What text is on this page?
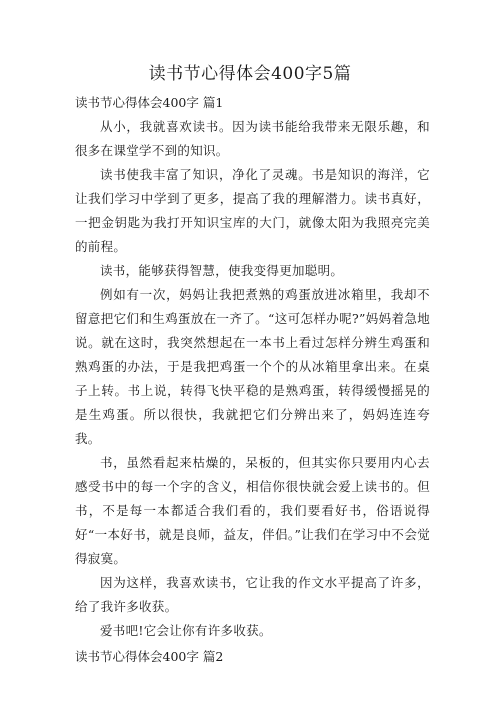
读书节心得体会400字5篇
读书节心得体会400字 篇1

从小，我就喜欢读书。因为读书能给我带来无限乐趣，和很多在课堂学不到的知识。

读书使我丰富了知识，净化了灵魂。书是知识的海洋，它让我们学习中学到了更多，提高了我的理解潜力。读书真好，一把金钥匙为我打开知识宝库的大门，就像太阳为我照亮完美的前程。

读书，能够获得智慧，使我变得更加聪明。

例如有一次，妈妈让我把煮熟的鸡蛋放进冰箱里，我却不留意把它们和生鸡蛋放在一齐了。“这可怎样办呢?”妈妈着急地说。就在这时，我突然想起在一本书上看过怎样分辨生鸡蛋和熟鸡蛋的办法，于是我把鸡蛋一个个的从冰箱里拿出来。在桌子上转。书上说，转得飞快平稳的是熟鸡蛋，转得缓慢摇晃的是生鸡蛋。所以很快，我就把它们分辨出来了，妈妈连连夸我。

书，虽然看起来枯燥的，呆板的，但其实你只要用内心去感受书中的每一个字的含义，相信你很快就会爱上读书的。但书，不是每一本都适合我们看的，我们要看好书，俗语说得好“一本好书，就是良师，益友，伴侣。”让我们在学习中不会觉得寂寞。

因为这样，我喜欢读书，它让我的作文水平提高了许多，给了我许多收获。

爱书吧!它会让你有许多收获。

读书节心得体会400字 篇2
